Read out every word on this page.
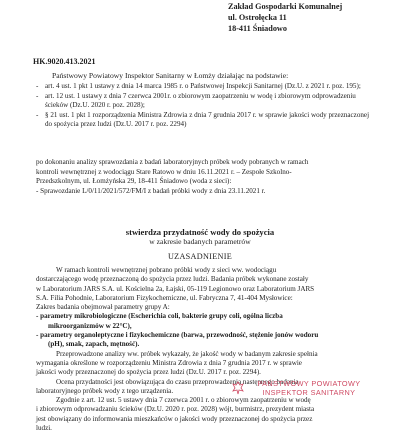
Zakład Gospodarki Komunalnej
ul. Ostrołęcka 11
18-411 Śniadowo
HK.9020.413.2021
Państwowy Powiatowy Inspektor Sanitarny w Łomży działając na podstawie:
- art. 4 ust. 1 pkt 1 ustawy z dnia 14 marca 1985 r. o Państwowej Inspekcji Sanitarnej (Dz.U. z 2021 r. poz. 195);
- art. 12 ust. 1 ustawy z dnia 7 czerwca 2001r. o zbiorowym zaopatrzeniu w wodę i zbiorowym odprowadzeniu ścieków (Dz.U. 2020 r. poz. 2028);
- § 21 ust. 1 pkt 1 rozporządzenia Ministra Zdrowia z dnia 7 grudnia 2017 r. w sprawie jakości wody przeznaczonej do spożycia przez ludzi (Dz.U. 2017 r. poz. 2294)
po dokonaniu analizy sprawozdania z badań laboratoryjnych próbek wody pobranych w ramach
kontroli wewnętrznej z wodociągu Stare Ratowo w dniu 16.11.2021 r. – Zespołe Szkolno-
Przedszkolnym, ul. Łomżyńska 29, 18-411 Śniadowo (woda z sieci):
- Sprawozdanie L/0/11/2021/572/FM/I z badań próbki wody z dnia 23.11.2021 r.
stwierdza przydatność wody do spożycia
w zakresie badanych parametrów
UZASADNIENIE

W ramach kontroli wewnętrznej pobrano próbki wody z sieci ww. wodociągu

dostarczającego wodę przeznaczoną do spożycia przez ludzi. Badania próbek wykonane zostały

w Laboratorium JARS S.A. ul. Kościelna 2a, Łajski, 05-119 Legionowo oraz Laboratorium JARS

S.A. Filia Pohodnie, Laboratorium Fizykochemiczne, ul. Fabryczna 7, 41-404 Mysłowice:

Zakres badania obejmował parametry grupy A:

- parametry mikrobiologiczne (Escherichia coli, bakterie grupy coli, ogólna liczba

mikroorganizmów w 22°C),

- parametry organoleptyczne i fizykochemiczne (barwa, przewodność, stężenie jonów wodoru

(pH), smak, zapach, mętność).

Przeprowadzone analizy ww. próbek wykazały, że jakość wody w badanym zakresie spełnia

wymagania określone w rozporządzeniu Ministra Zdrowia z dnia 7 grudnia 2017 r. w sprawie

jakości wody przeznaczonej do spożycia przez ludzi (Dz.U. 2017 r. poz. 2294).

Ocena przydatności jest obowiązująca do czasu przeprowadzenia następnego badania

laboratoryjnego próbek wody z tego urządzenia.

Zgodnie z art. 12 ust. 5 ustawy dnia 7 czerwca 2001 r. o zbiorowym zaopatrzeniu w wodę

i zbiorowym odprowadzaniu ścieków (Dz.U. 2020 r. poz. 2028) wójt, burmistrz, prezydent miasta

jest obowiązany do informowania mieszkańców o jakości wody przeznaczonej do spożycia przez

ludzi.

PAŃSTWOWY POWIATOWY
INSPEKTOR SANITARNY
